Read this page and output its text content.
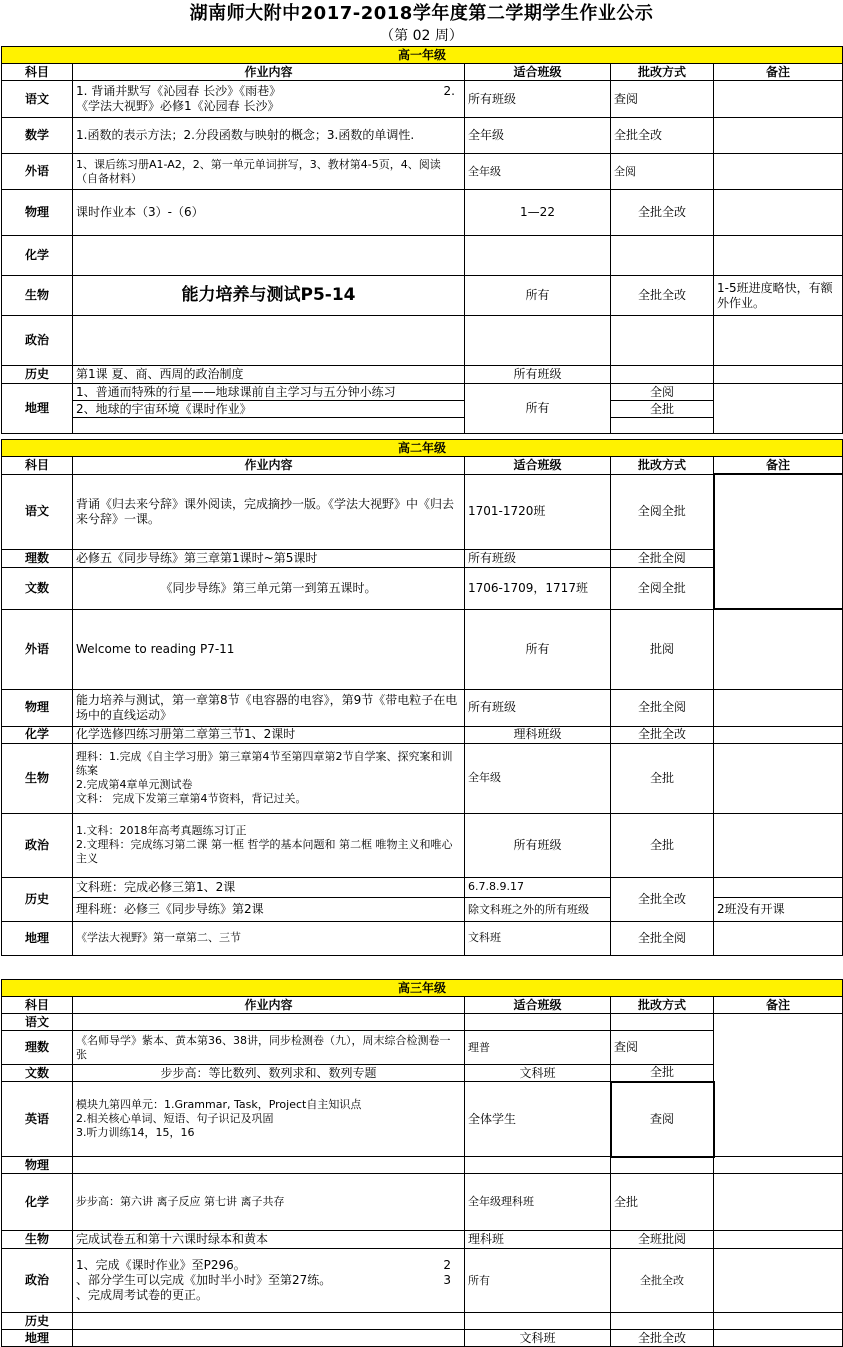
湖南师大附中2017-2018学年度第二学期学生作业公示
（第 02 周）
高一年级				
科目	作业内容	适合班级	批改方式	备注
语文	1. 背诵并默写《沁园春 长沙》《雨巷》 2.
《学法大视野》必修1《沁园春 长沙》	所有班级	查阅	
数学	1.函数的表示方法；2.分段函数与映射的概念；3.函数的单调性.	全年级	全批全改	
外语	1、课后练习册A1-A2，2、第一单元单词拼写，3、教材第4-5页，4、阅读（自备材料）	全年级	全阅	
物理	课时作业本（3）-（6）	1—22	全批全改	
化学				
生物	能力培养与测试P5-14	所有	全批全改	1-5班进度略快，有额外作业。
政治				
历史	第1课 夏、商、西周的政治制度	所有班级		
地理	1、普通而特殊的行星——地球课前自主学习与五分钟小练习	所有	全阅	
	2、地球的宇宙环境《课时作业》		全批	

高二年级				
科目	作业内容	适合班级	批改方式	备注
语文	背诵《归去来兮辞》课外阅读，完成摘抄一版。《学法大视野》中《归去来兮辞》一课。	1701-1720班	全阅全批	
理数	必修五《同步导练》第三章第1课时~第5课时	所有班级	全批全阅	
文数	《同步导练》第三单元第一到第五课时。	1706-1709，1717班	全阅全批	
外语	Welcome to reading P7-11	所有	批阅	
物理	能力培养与测试，第一章第8节《电容器的电容》，第9节《带电粒子在电场中的直线运动》	所有班级	全批全阅	
化学	化学选修四练习册第二章第三节1、2课时	理科班级	全批全改	
生物	理科：1.完成《自主学习册》第三章第4节至第四章第2节自学案、探究案和训练案
2.完成第4章单元测试卷
文科： 完成下发第三章第4节资料，背记过关。	全年级	全批	
政治	1.文科：2018年高考真题练习订正
2.文理科：完成练习第二课 第一框 哲学的基本问题和 第二框 唯物主义和唯心主义	所有班级	全批	
历史	文科班：完成必修三第1、2课	6.7.8.9.17	全批全改	
	理科班：必修三《同步导练》第2课	除文科班之外的所有班级		2班没有开课
地理	《学法大视野》第一章第二、三节	文科班	全批全阅	
高三年级				
科目	作业内容	适合班级	批改方式	备注
语文				
理数	《名师导学》紫本、黄本第36、38讲，同步检测卷（九），周末综合检测卷一张	理普	查阅	
文数	步步高：等比数列、数列求和、数列专题	文科班	全批	
英语	模块九第四单元：1.Grammar, Task，Project自主知识点
2.相关核心单词、短语、句子识记及巩固
3.听力训练14，15，16	全体学生	查阅	
物理				
化学	步步高：第六讲 离子反应 第七讲 离子共存	全年级理科班	全批	
生物	完成试卷五和第十六课时绿本和黄本	理科班	全班批阅	
政治	1、完成《课时作业》至P296。 2
、部分学生可以完成《加时半小时》至第27练。 3
、完成周考试卷的更正。	所有	全批全改	
历史				
地理		文科班	全批全改	
